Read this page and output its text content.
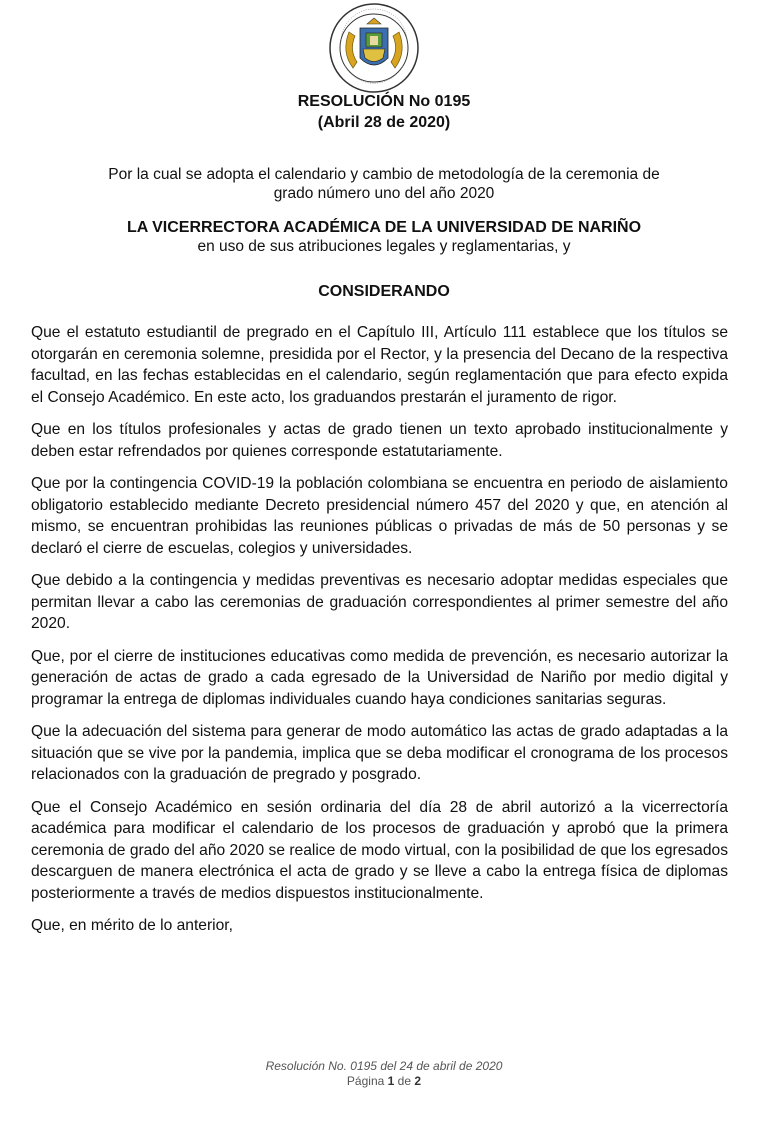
RESOLUCIÓN No 0195
(Abril 28 de 2020)
Por la cual se adopta el calendario y cambio de metodología de la ceremonia de grado número uno del año 2020
LA VICERRECTORA ACADÉMICA DE LA UNIVERSIDAD DE NARIÑO
en uso de sus atribuciones legales y reglamentarias, y
CONSIDERANDO

Que el estatuto estudiantil de pregrado en el Capítulo III, Artículo 111 establece que los títulos se otorgarán en ceremonia solemne, presidida por el Rector, y la presencia del Decano de la respectiva facultad, en las fechas establecidas en el calendario, según reglamentación que para efecto expida el Consejo Académico. En este acto, los graduandos prestarán el juramento de rigor.

Que en los títulos profesionales y actas de grado tienen un texto aprobado institucionalmente y deben estar refrendados por quienes corresponde estatutariamente.

Que por la contingencia COVID-19 la población colombiana se encuentra en periodo de aislamiento obligatorio establecido mediante Decreto presidencial número 457 del 2020 y que, en atención al mismo, se encuentran prohibidas las reuniones públicas o privadas de más de 50 personas y se declaró el cierre de escuelas, colegios y universidades.

Que debido a la contingencia y medidas preventivas es necesario adoptar medidas especiales que permitan llevar a cabo las ceremonias de graduación correspondientes al primer semestre del año 2020.

Que, por el cierre de instituciones educativas como medida de prevención, es necesario autorizar la generación de actas de grado a cada egresado de la Universidad de Nariño por medio digital y programar la entrega de diplomas individuales cuando haya condiciones sanitarias seguras.

Que la adecuación del sistema para generar de modo automático las actas de grado adaptadas a la situación que se vive por la pandemia, implica que se deba modificar el cronograma de los procesos relacionados con la graduación de pregrado y posgrado.

Que el Consejo Académico en sesión ordinaria del día 28 de abril autorizó a la vicerrectoría académica para modificar el calendario de los procesos de graduación y aprobó que la primera ceremonia de grado del año 2020 se realice de modo virtual, con la posibilidad de que los egresados descarguen de manera electrónica el acta de grado y se lleve a cabo la entrega física de diplomas posteriormente a través de medios dispuestos institucionalmente.

Que, en mérito de lo anterior,

Resolución No. 0195 del 24 de abril de 2020
Página 1 de 2
